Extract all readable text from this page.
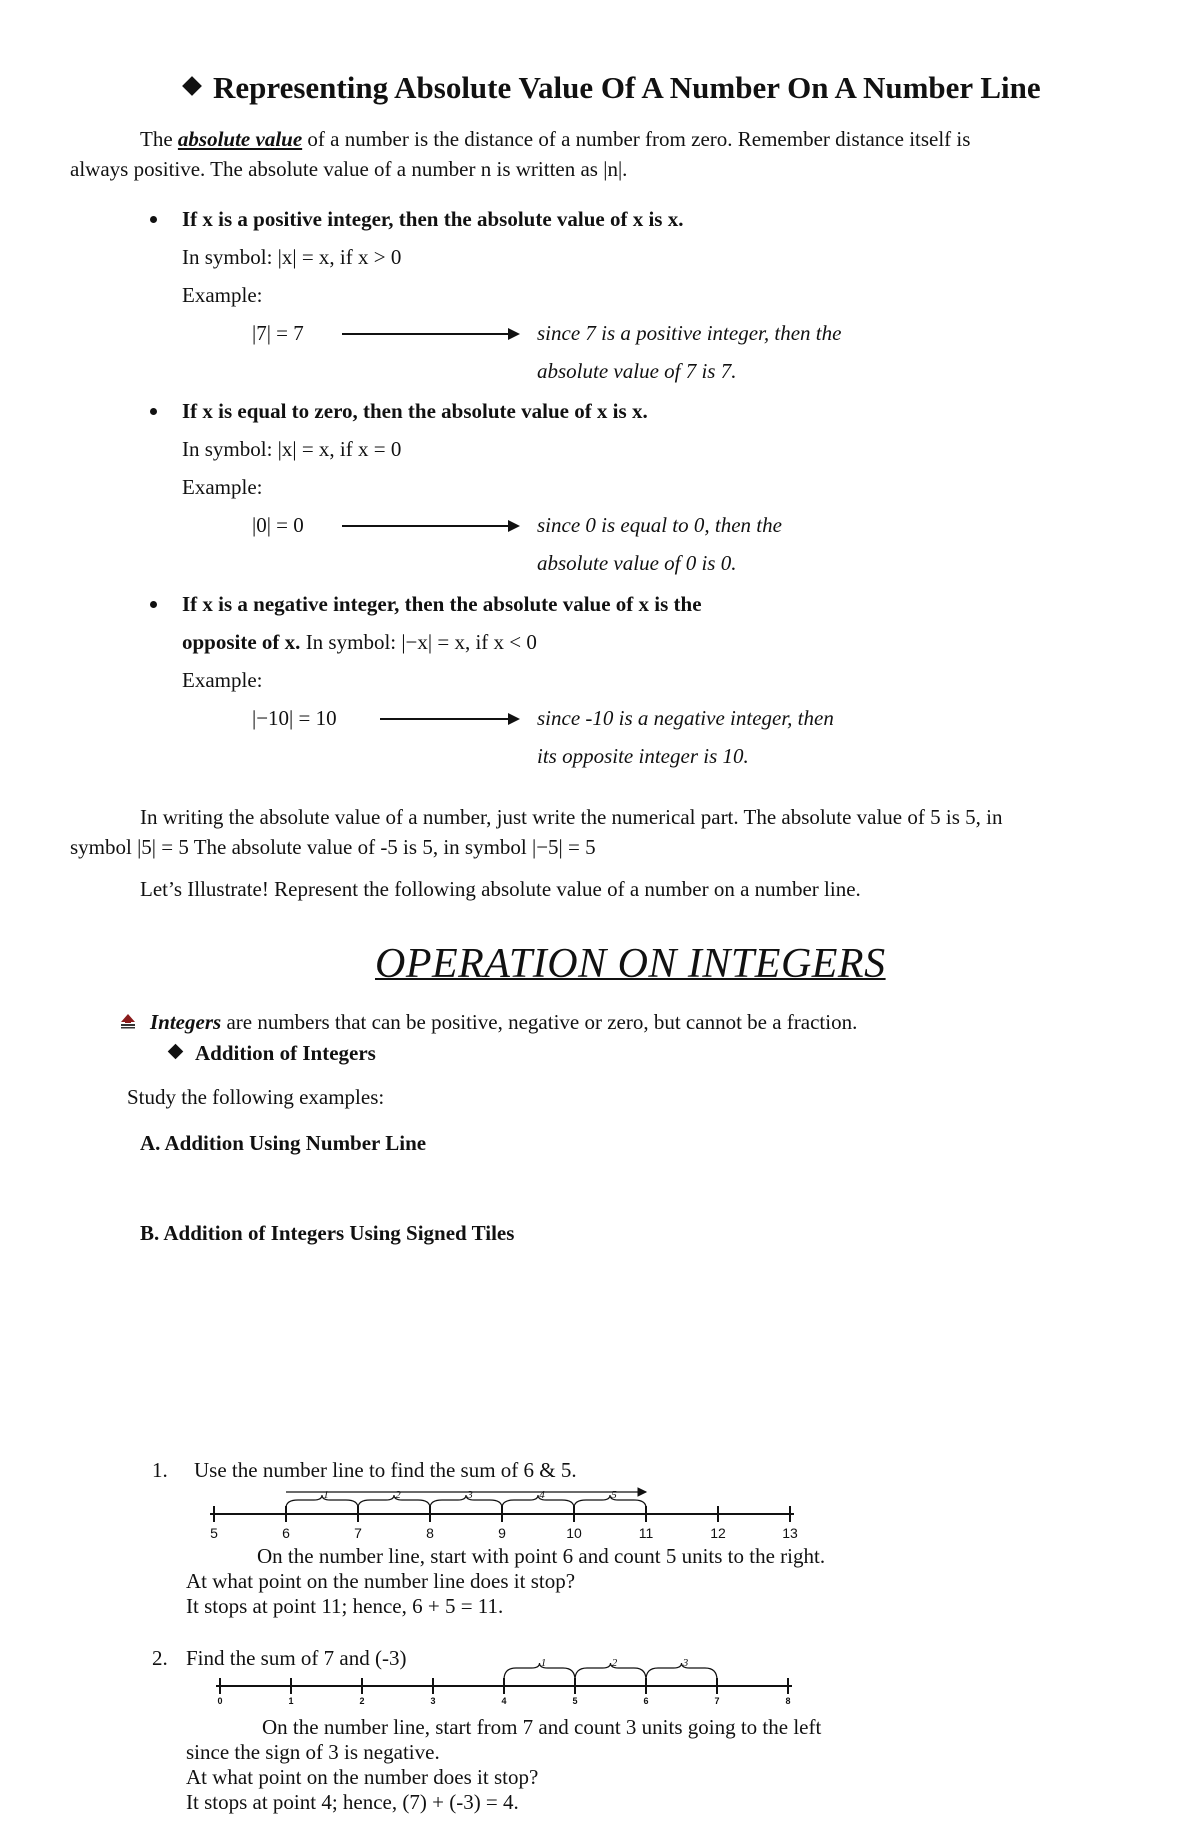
Representing Absolute Value Of A Number On A Number Line
The absolute value of a number is the distance of a number from zero. Remember distance itself is
always positive. The absolute value of a number n is written as |n|.
If x is a positive integer, then the absolute value of x is x.
In symbol: |x| = x, if x > 0
Example:
|7| = 7	since 7 is a positive integer, then the
absolute value of 7 is 7.
If x is equal to zero, then the absolute value of x is x.
In symbol: |x| = x, if x = 0
Example:
|0| = 0	since 0 is equal to 0, then the
absolute value of 0 is 0.
If x is a negative integer, then the absolute value of x is the
opposite of x. In symbol: |−x| = x, if x < 0
Example:
|−10| = 10	since -10 is a negative integer, then
its opposite integer is 10.
In writing the absolute value of a number, just write the numerical part. The absolute value of 5 is 5, in
symbol |5| = 5 The absolute value of -5 is 5, in symbol |−5| = 5
Let’s Illustrate! Represent the following absolute value of a number on a number line.
OPERATION ON INTEGERS
Integers are numbers that can be positive, negative or zero, but cannot be a fraction.
Addition of Integers
Study the following examples:
A. Addition Using Number Line
B. Addition of Integers Using Signed Tiles
1. Use the number line to find the sum of 6 & 5.
5	6	7	8	9	10	11	12	13
1	2	3	4	5
On the number line, start with point 6 and count 5 units to the right.
At what point on the number line does it stop?
It stops at point 11; hence, 6 + 5 = 11.
2. Find the sum of 7 and (-3)
0	1	2	3	4	5	6	7	8
3
2
1
On the number line, start from 7 and count 3 units going to the left
since the sign of 3 is negative.
At what point on the number does it stop?
It stops at point 4; hence, (7) + (-3) = 4.
